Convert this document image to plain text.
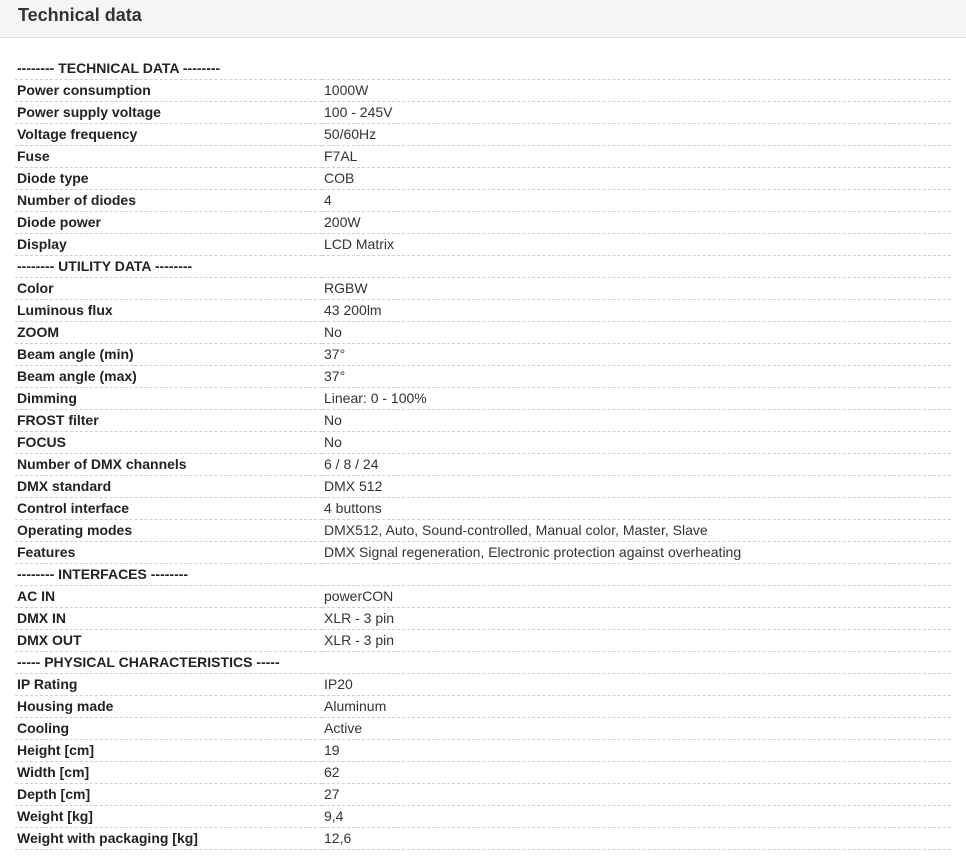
Technical data
-------- TECHNICAL DATA --------	
Power consumption	1000W
Power supply voltage	100 - 245V
Voltage frequency	50/60Hz
Fuse	F7AL
Diode type	COB
Number of diodes	4
Diode power	200W
Display	LCD Matrix
-------- UTILITY DATA --------	
Color	RGBW
Luminous flux	43 200lm
ZOOM	No
Beam angle (min)	37°
Beam angle (max)	37°
Dimming	Linear: 0 - 100%
FROST filter	No
FOCUS	No
Number of DMX channels	6 / 8 / 24
DMX standard	DMX 512
Control interface	4 buttons
Operating modes	DMX512, Auto, Sound-controlled, Manual color, Master, Slave
Features	DMX Signal regeneration, Electronic protection against overheating
-------- INTERFACES --------	
AC IN	powerCON
DMX IN	XLR - 3 pin
DMX OUT	XLR - 3 pin
----- PHYSICAL CHARACTERISTICS -----	
IP Rating	IP20
Housing made	Aluminum
Cooling	Active
Height [cm]	19
Width [cm]	62
Depth [cm]	27
Weight [kg]	9,4
Weight with packaging [kg]	12,6
